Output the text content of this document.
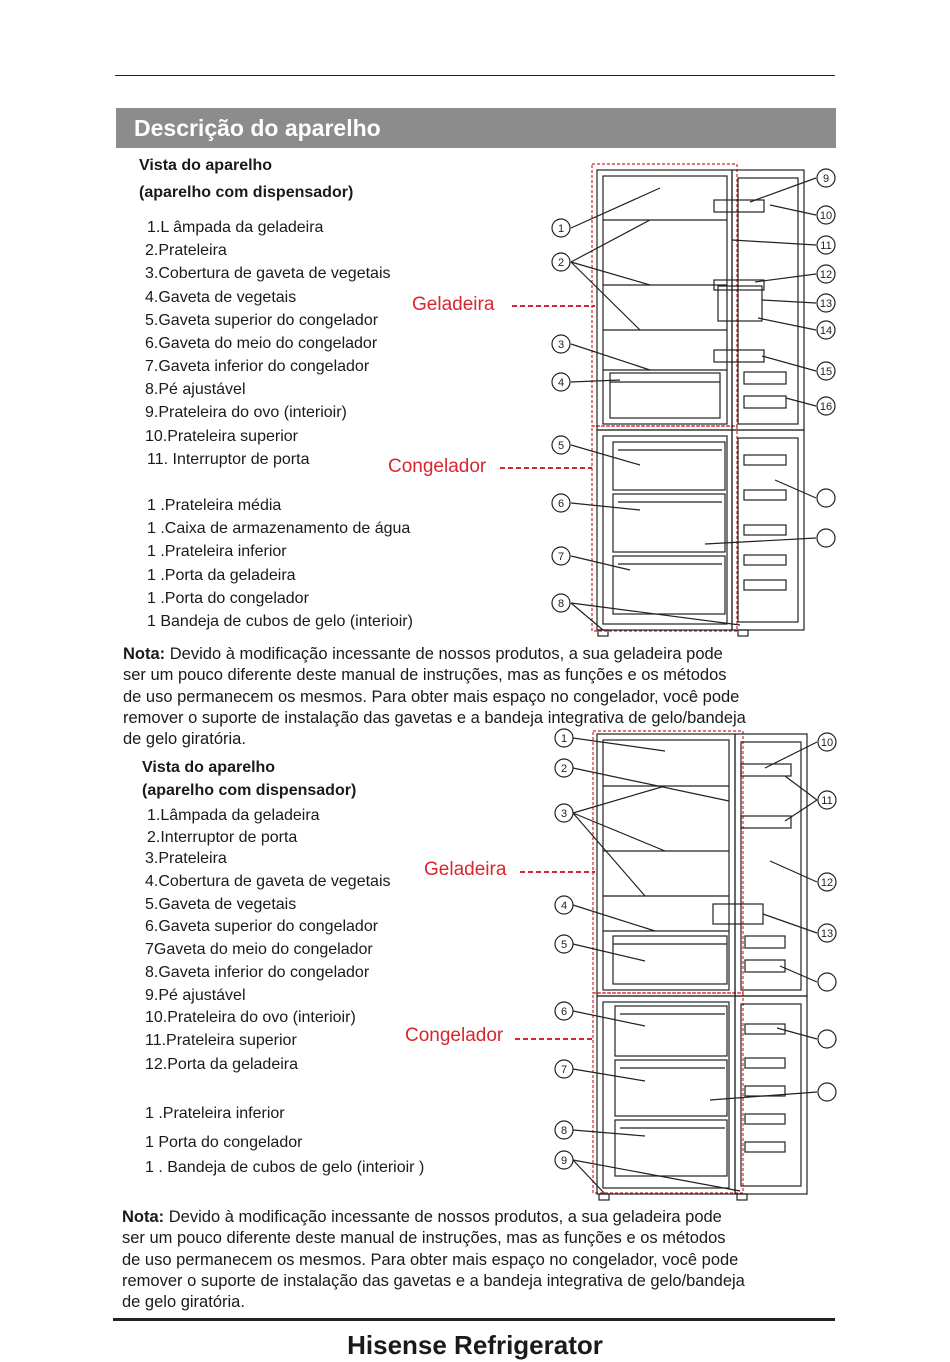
Descrição do aparelho
Vista do aparelho
(aparelho com dispensador)
1.L âmpada da geladeira
2.Prateleira
3.Cobertura de gaveta de vegetais
4.Gaveta de vegetais
5.Gaveta superior do congelador
6.Gaveta do meio do congelador
7.Gaveta inferior do congelador
8.Pé ajustável
9.Prateleira do ovo (interioir)
10.Prateleira superior
11. Interruptor de porta
1 .Prateleira média
1 .Caixa de armazenamento de água
1 .Prateleira inferior
1 .Porta da geladeira
1 .Porta do congelador
1 Bandeja de cubos de gelo (interioir)
Geladeira
Congelador
1
2
3
4
5
6
7
8
9
10
11
12
13
14
15
16
Nota: Devido à modificação incessante de nossos produtos, a sua geladeira pode
ser um pouco diferente deste manual de instruções, mas as funções e os métodos
de uso permanecem os mesmos. Para obter mais espaço no congelador, você pode
remover o suporte de instalação das gavetas e a bandeja integrativa de gelo/bandeja
de gelo giratória.
Vista do aparelho
(aparelho com dispensador)
1.Lâmpada da geladeira
2.Interruptor de porta
3.Prateleira
4.Cobertura de gaveta de vegetais
5.Gaveta de vegetais
6.Gaveta superior do congelador
7Gaveta do meio do congelador
8.Gaveta inferior do congelador
9.Pé ajustável
10.Prateleira do ovo (interioir)
11.Prateleira superior
12.Porta da geladeira
1 .Prateleira inferior
1 Porta do congelador
1 . Bandeja de cubos de gelo (interioir )
Geladeira
Congelador
1
2
3
4
5
6
7
8
9
10
11
12
13
Nota: Devido à modificação incessante de nossos produtos, a sua geladeira pode
ser um pouco diferente deste manual de instruções, mas as funções e os métodos
de uso permanecem os mesmos. Para obter mais espaço no congelador, você pode
remover o suporte de instalação das gavetas e a bandeja integrativa de gelo/bandeja
de gelo giratória.
Hisense Refrigerator
